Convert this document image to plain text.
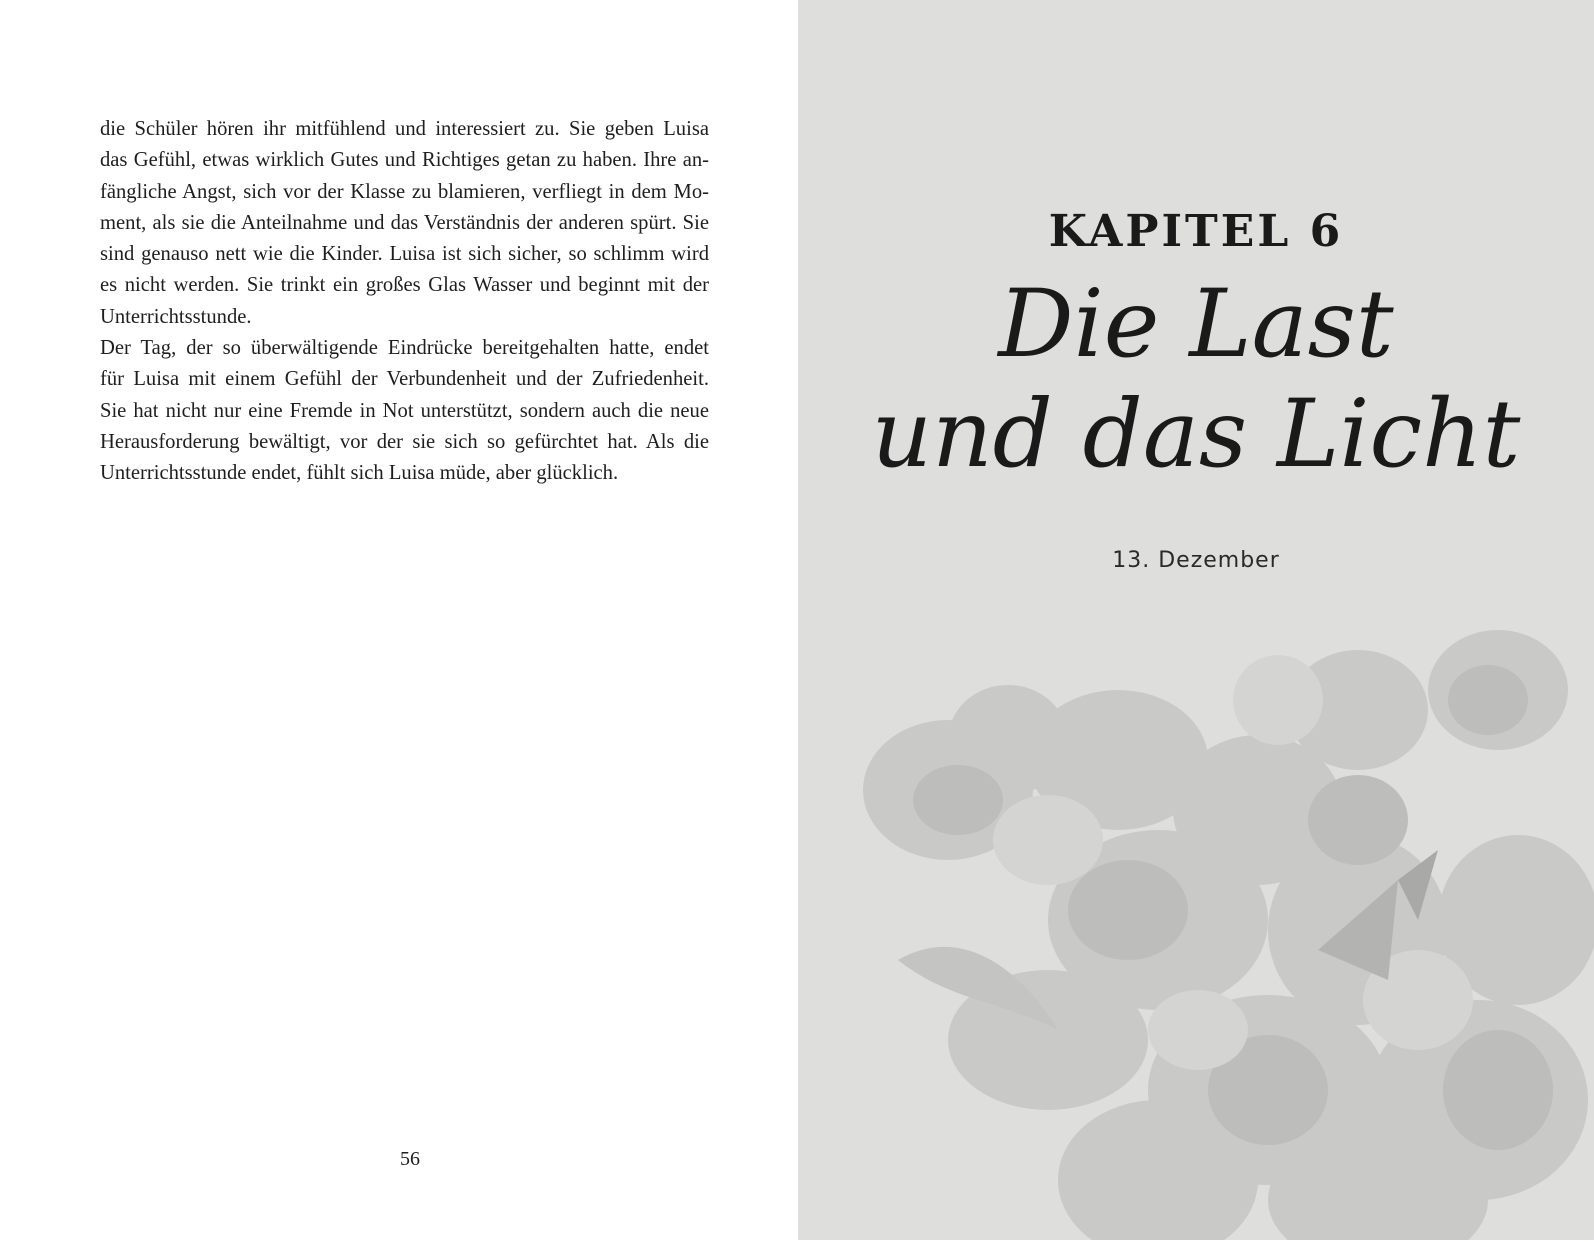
die Schüler hören ihr mitfühlend und interessiert zu. Sie geben Luisa
das Gefühl, etwas wirklich Gutes und Richtiges getan zu haben. Ihre an-
fängliche Angst, sich vor der Klasse zu blamieren, verfliegt in dem Mo-
ment, als sie die Anteilnahme und das Verständnis der anderen spürt. Sie
sind genauso nett wie die Kinder. Luisa ist sich sicher, so schlimm wird
es nicht werden. Sie trinkt ein großes Glas Wasser und beginnt mit der
Unterrichtsstunde.
Der Tag, der so überwältigende Eindrücke bereitgehalten hatte, endet
für Luisa mit einem Gefühl der Verbundenheit und der Zufriedenheit.
Sie hat nicht nur eine Fremde in Not unterstützt, sondern auch die neue
Herausforderung bewältigt, vor der sie sich so gefürchtet hat. Als die
Unterrichtsstunde endet, fühlt sich Luisa müde, aber glücklich.
56
KAPITEL 6
Die Last
und das Licht
13. Dezember
